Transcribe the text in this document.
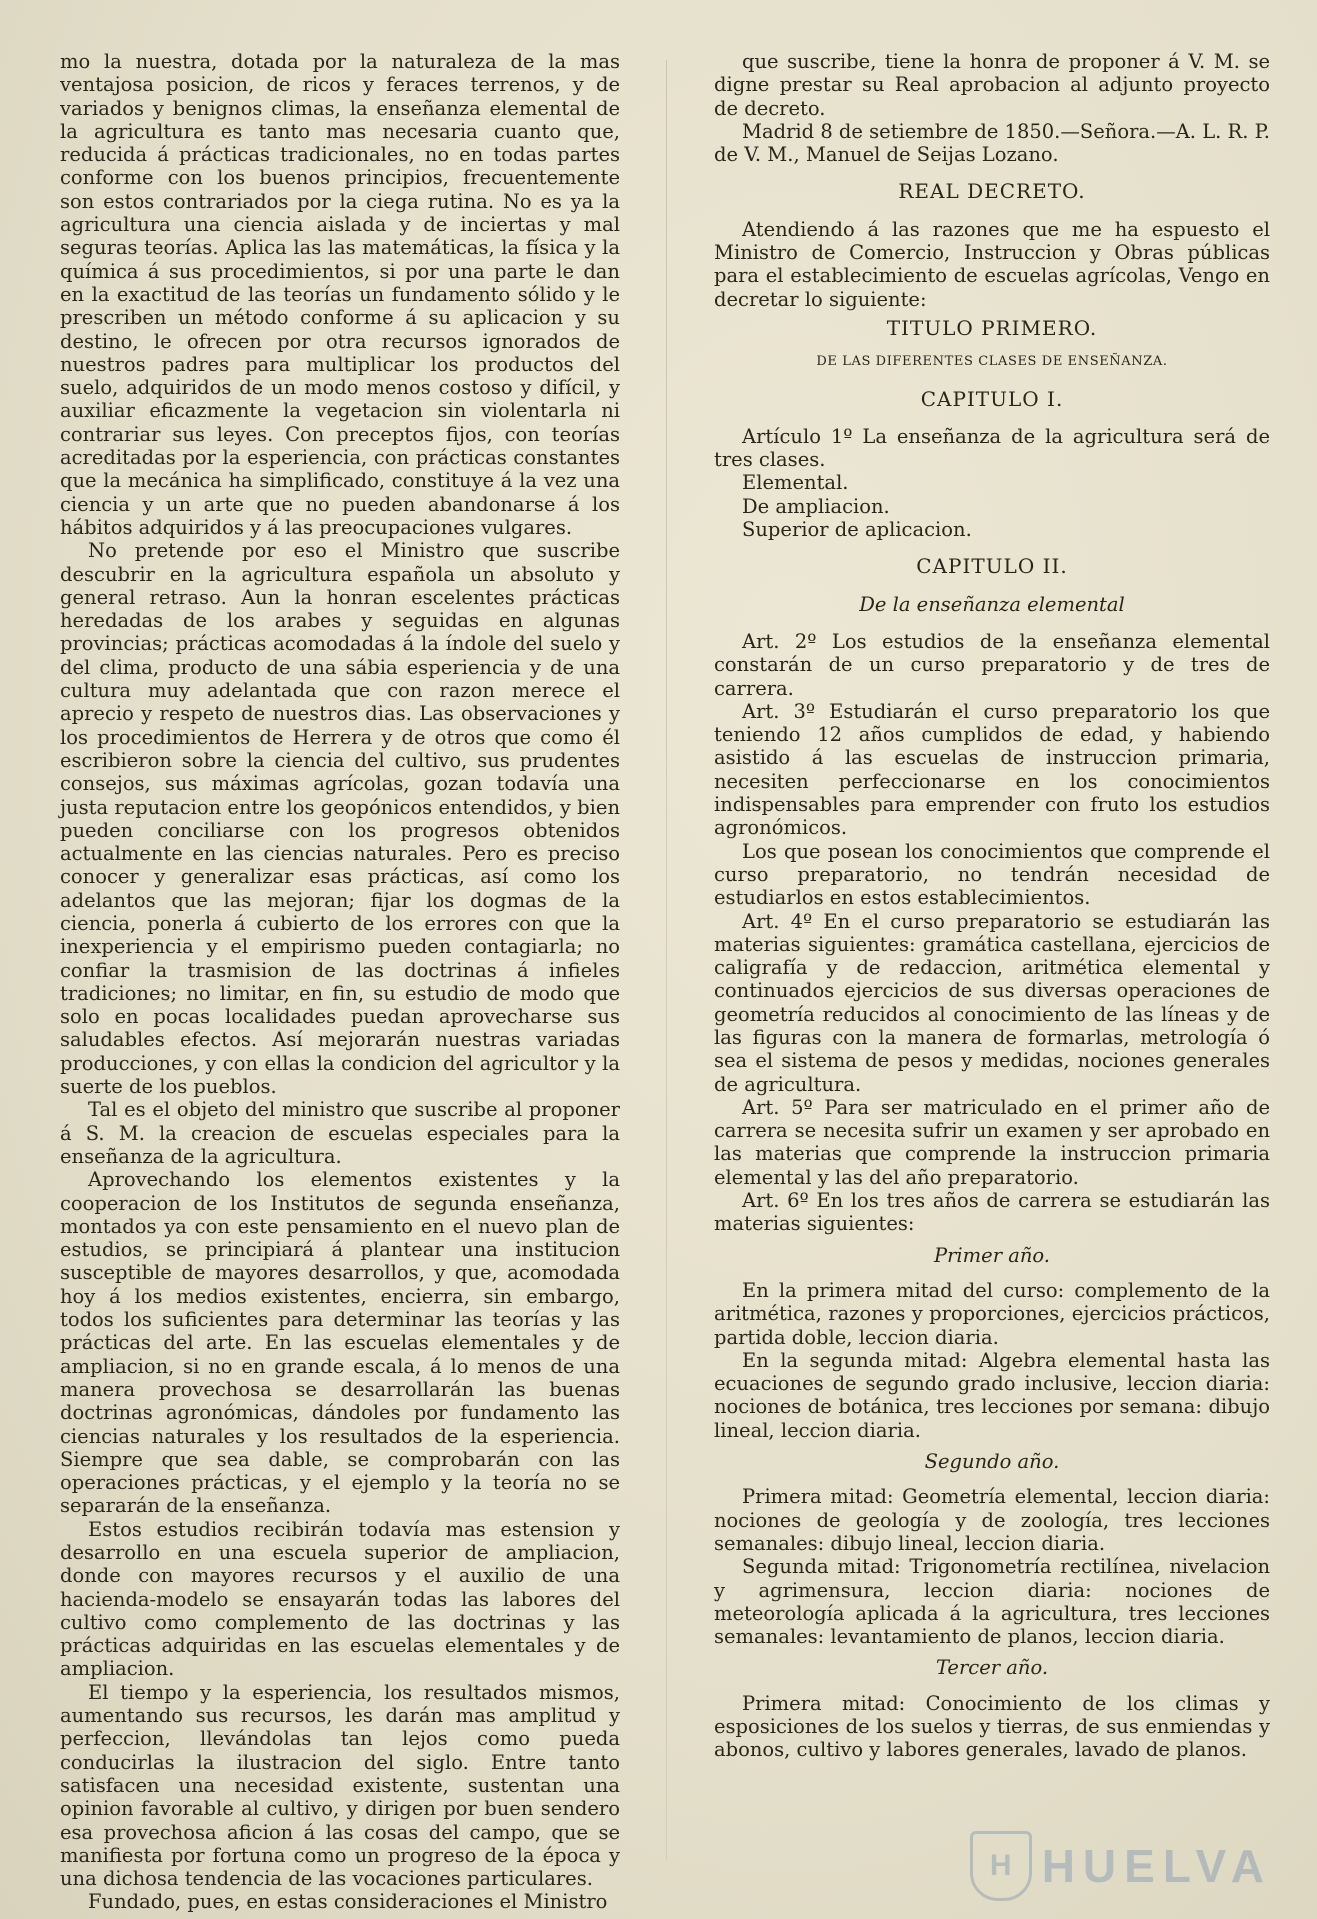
mo la nuestra, dotada por la naturaleza de la mas ventajosa posicion, de ricos y feraces terrenos, y de variados y benignos climas, la enseñanza elemental de la agricultura es tanto mas necesaria cuanto que, reducida á prácticas tradicionales, no en todas partes conforme con los buenos principios, frecuentemente son estos contrariados por la ciega rutina. No es ya la agricultura una ciencia aislada y de inciertas y mal seguras teorías. Aplica las las matemáticas, la física y la química á sus procedimientos, si por una parte le dan en la exactitud de las teorías un fundamento sólido y le prescriben un método conforme á su aplicacion y su destino, le ofrecen por otra recursos ignorados de nuestros padres para multiplicar los productos del suelo, adquiridos de un modo menos costoso y difícil, y auxiliar eficazmente la vegetacion sin violentarla ni contrariar sus leyes. Con preceptos fijos, con teorías acreditadas por la esperiencia, con prácticas constantes que la mecánica ha simplificado, constituye á la vez una ciencia y un arte que no pueden abandonarse á los hábitos adquiridos y á las preocupaciones vulgares.

No pretende por eso el Ministro que suscribe descubrir en la agricultura española un absoluto y general retraso. Aun la honran escelentes prácticas heredadas de los arabes y seguidas en algunas provincias; prácticas acomodadas á la índole del suelo y del clima, producto de una sábia esperiencia y de una cultura muy adelantada que con razon merece el aprecio y respeto de nuestros dias. Las observaciones y los procedimientos de Herrera y de otros que como él escribieron sobre la ciencia del cultivo, sus prudentes consejos, sus máximas agrícolas, gozan todavía una justa reputacion entre los geopónicos entendidos, y bien pueden conciliarse con los progresos obtenidos actualmente en las ciencias naturales. Pero es preciso conocer y generalizar esas prácticas, así como los adelantos que las mejoran; fijar los dogmas de la ciencia, ponerla á cubierto de los errores con que la inexperiencia y el empirismo pueden contagiarla; no confiar la trasmision de las doctrinas á infieles tradiciones; no limitar, en fin, su estudio de modo que solo en pocas localidades puedan aprovecharse sus saludables efectos. Así mejorarán nuestras variadas producciones, y con ellas la condicion del agricultor y la suerte de los pueblos.

Tal es el objeto del ministro que suscribe al proponer á S. M. la creacion de escuelas especiales para la enseñanza de la agricultura.

Aprovechando los elementos existentes y la cooperacion de los Institutos de segunda enseñanza, montados ya con este pensamiento en el nuevo plan de estudios, se principiará á plantear una institucion susceptible de mayores desarrollos, y que, acomodada hoy á los medios existentes, encierra, sin embargo, todos los suficientes para determinar las teorías y las prácticas del arte. En las escuelas elementales y de ampliacion, si no en grande escala, á lo menos de una manera provechosa se desarrollarán las buenas doctrinas agronómicas, dándoles por fundamento las ciencias naturales y los resultados de la esperiencia. Siempre que sea dable, se comprobarán con las operaciones prácticas, y el ejemplo y la teoría no se separarán de la enseñanza.

Estos estudios recibirán todavía mas estension y desarrollo en una escuela superior de ampliacion, donde con mayores recursos y el auxilio de una hacienda-modelo se ensayarán todas las labores del cultivo como complemento de las doctrinas y las prácticas adquiridas en las escuelas elementales y de ampliacion.

El tiempo y la esperiencia, los resultados mismos, aumentando sus recursos, les darán mas amplitud y perfeccion, llevándolas tan lejos como pueda conducirlas la ilustracion del siglo. Entre tanto satisfacen una necesidad existente, sustentan una opinion favorable al cultivo, y dirigen por buen sendero esa provechosa aficion á las cosas del campo, que se manifiesta por fortuna como un progreso de la época y una dichosa tendencia de las vocaciones particulares.

Fundado, pues, en estas consideraciones el Ministro

que suscribe, tiene la honra de proponer á V. M. se digne prestar su Real aprobacion al adjunto proyecto de decreto.

Madrid 8 de setiembre de 1850.—Señora.—A. L. R. P. de V. M., Manuel de Seijas Lozano.

REAL DECRETO.

Atendiendo á las razones que me ha espuesto el Ministro de Comercio, Instruccion y Obras públicas para el establecimiento de escuelas agrícolas, Vengo en decretar lo siguiente:

TITULO PRIMERO.

DE LAS DIFERENTES CLASES DE ENSEÑANZA.

CAPITULO I.

Artículo 1º La enseñanza de la agricultura será de tres clases.

Elemental.

De ampliacion.

Superior de aplicacion.

CAPITULO II.

De la enseñanza elemental

Art. 2º Los estudios de la enseñanza elemental constarán de un curso preparatorio y de tres de carrera.

Art. 3º Estudiarán el curso preparatorio los que teniendo 12 años cumplidos de edad, y habiendo asistido á las escuelas de instruccion primaria, necesiten perfeccionarse en los conocimientos indispensables para emprender con fruto los estudios agronómicos.

Los que posean los conocimientos que comprende el curso preparatorio, no tendrán necesidad de estudiarlos en estos establecimientos.

Art. 4º En el curso preparatorio se estudiarán las materias siguientes: gramática castellana, ejercicios de caligrafía y de redaccion, aritmética elemental y continuados ejercicios de sus diversas operaciones de geometría reducidos al conocimiento de las líneas y de las figuras con la manera de formarlas, metrología ó sea el sistema de pesos y medidas, nociones generales de agricultura.

Art. 5º Para ser matriculado en el primer año de carrera se necesita sufrir un examen y ser aprobado en las materias que comprende la instruccion primaria elemental y las del año preparatorio.

Art. 6º En los tres años de carrera se estudiarán las materias siguientes:

Primer año.

En la primera mitad del curso: complemento de la aritmética, razones y proporciones, ejercicios prácticos, partida doble, leccion diaria.

En la segunda mitad: Algebra elemental hasta las ecuaciones de segundo grado inclusive, leccion diaria: nociones de botánica, tres lecciones por semana: dibujo lineal, leccion diaria.

Segundo año.

Primera mitad: Geometría elemental, leccion diaria: nociones de geología y de zoología, tres lecciones semanales: dibujo lineal, leccion diaria.

Segunda mitad: Trigonometría rectilínea, nivelacion y agrimensura, leccion diaria: nociones de meteorología aplicada á la agricultura, tres lecciones semanales: levantamiento de planos, leccion diaria.

Tercer año.

Primera mitad: Conocimiento de los climas y esposiciones de los suelos y tierras, de sus enmiendas y abonos, cultivo y labores generales, lavado de planos.

H HUELVA
